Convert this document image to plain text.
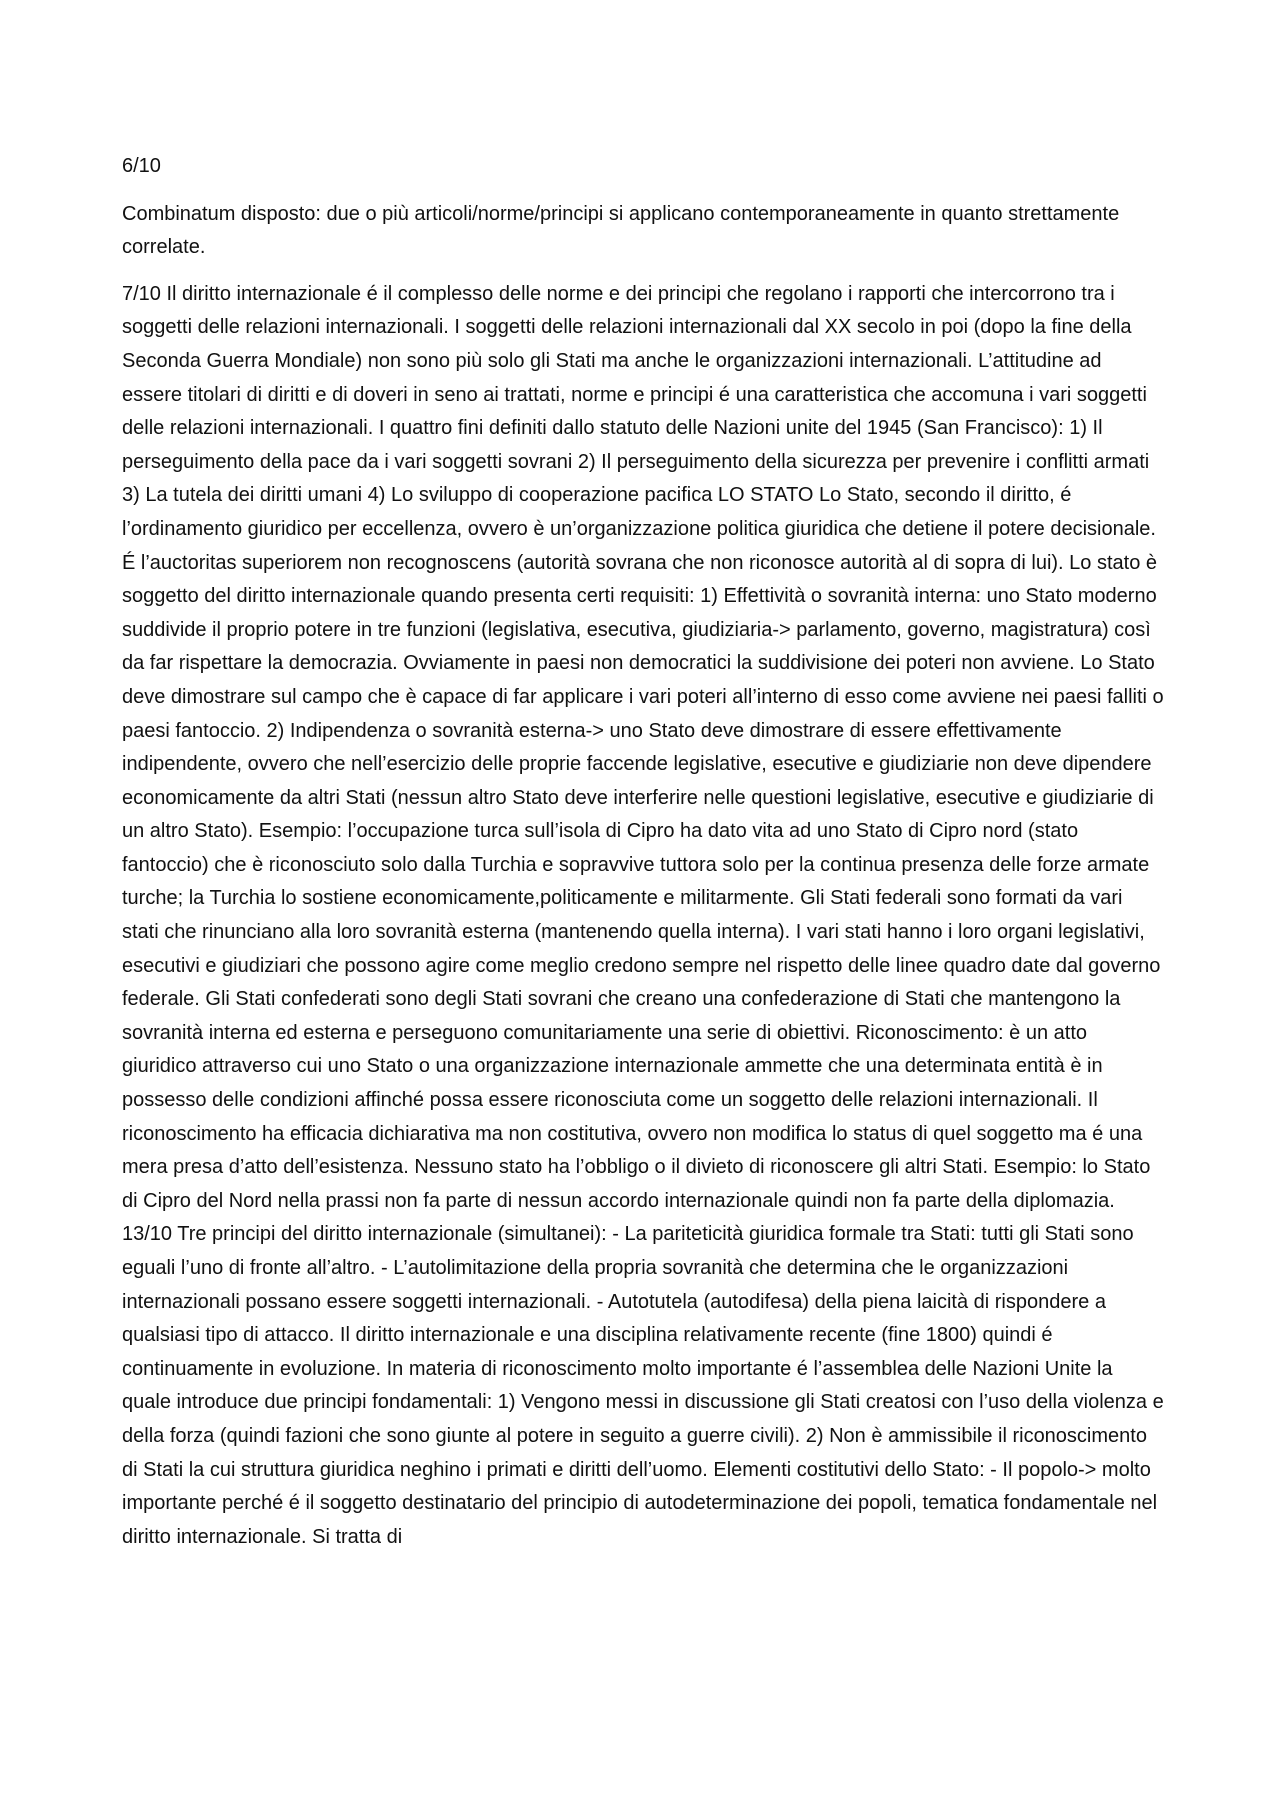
6/10

Combinatum disposto: due o più articoli/norme/principi si applicano contemporaneamente in quanto strettamente correlate.

7/10 Il diritto internazionale é il complesso delle norme e dei principi che regolano i rapporti che intercorrono tra i soggetti delle relazioni internazionali. I soggetti delle relazioni internazionali dal XX secolo in poi (dopo la fine della Seconda Guerra Mondiale) non sono più solo gli Stati ma anche le organizzazioni internazionali. L’attitudine ad essere titolari di diritti e di doveri in seno ai trattati, norme e principi é una caratteristica che accomuna i vari soggetti delle relazioni internazionali. I quattro fini definiti dallo statuto delle Nazioni unite del 1945 (San Francisco): 1) Il perseguimento della pace da i vari soggetti sovrani 2) Il perseguimento della sicurezza per prevenire i conflitti armati 3) La tutela dei diritti umani 4) Lo sviluppo di cooperazione pacifica LO STATO Lo Stato, secondo il diritto, é l’ordinamento giuridico per eccellenza, ovvero è un’organizzazione politica giuridica che detiene il potere decisionale. É l’auctoritas superiorem non recognoscens (autorità sovrana che non riconosce autorità al di sopra di lui). Lo stato è soggetto del diritto internazionale quando presenta certi requisiti: 1) Effettività o sovranità interna: uno Stato moderno suddivide il proprio potere in tre funzioni (legislativa, esecutiva, giudiziaria-> parlamento, governo, magistratura) così da far rispettare la democrazia. Ovviamente in paesi non democratici la suddivisione dei poteri non avviene. Lo Stato deve dimostrare sul campo che è capace di far applicare i vari poteri all’interno di esso come avviene nei paesi falliti o paesi fantoccio. 2) Indipendenza o sovranità esterna-> uno Stato deve dimostrare di essere effettivamente indipendente, ovvero che nell’esercizio delle proprie faccende legislative, esecutive e giudiziarie non deve dipendere economicamente da altri Stati (nessun altro Stato deve interferire nelle questioni legislative, esecutive e giudiziarie di un altro Stato). Esempio: l’occupazione turca sull’isola di Cipro ha dato vita ad uno Stato di Cipro nord (stato fantoccio) che è riconosciuto solo dalla Turchia e sopravvive tuttora solo per la continua presenza delle forze armate turche; la Turchia lo sostiene economicamente,politicamente e militarmente. Gli Stati federali sono formati da vari stati che rinunciano alla loro sovranità esterna (mantenendo quella interna). I vari stati hanno i loro organi legislativi, esecutivi e giudiziari che possono agire come meglio credono sempre nel rispetto delle linee quadro date dal governo federale. Gli Stati confederati sono degli Stati sovrani che creano una confederazione di Stati che mantengono la sovranità interna ed esterna e perseguono comunitariamente una serie di obiettivi. Riconoscimento: è un atto giuridico attraverso cui uno Stato o una organizzazione internazionale ammette che una determinata entità è in possesso delle condizioni affinché possa essere riconosciuta come un soggetto delle relazioni internazionali. Il riconoscimento ha efficacia dichiarativa ma non costitutiva, ovvero non modifica lo status di quel soggetto ma é una mera presa d’atto dell’esistenza. Nessuno stato ha l’obbligo o il divieto di riconoscere gli altri Stati. Esempio: lo Stato di Cipro del Nord nella prassi non fa parte di nessun accordo internazionale quindi non fa parte della diplomazia. 13/10 Tre principi del diritto internazionale (simultanei): - La pariteticità giuridica formale tra Stati: tutti gli Stati sono eguali l’uno di fronte all’altro. - L’autolimitazione della propria sovranità che determina che le organizzazioni internazionali possano essere soggetti internazionali. - Autotutela (autodifesa) della piena laicità di rispondere a qualsiasi tipo di attacco. Il diritto internazionale e una disciplina relativamente recente (fine 1800) quindi é continuamente in evoluzione. In materia di riconoscimento molto importante é l’assemblea delle Nazioni Unite la quale introduce due principi fondamentali: 1) Vengono messi in discussione gli Stati creatosi con l’uso della violenza e della forza (quindi fazioni che sono giunte al potere in seguito a guerre civili). 2) Non è ammissibile il riconoscimento di Stati la cui struttura giuridica neghino i primati e diritti dell’uomo. Elementi costitutivi dello Stato: - Il popolo-> molto importante perché é il soggetto destinatario del principio di autodeterminazione dei popoli, tematica fondamentale nel diritto internazionale. Si tratta di
